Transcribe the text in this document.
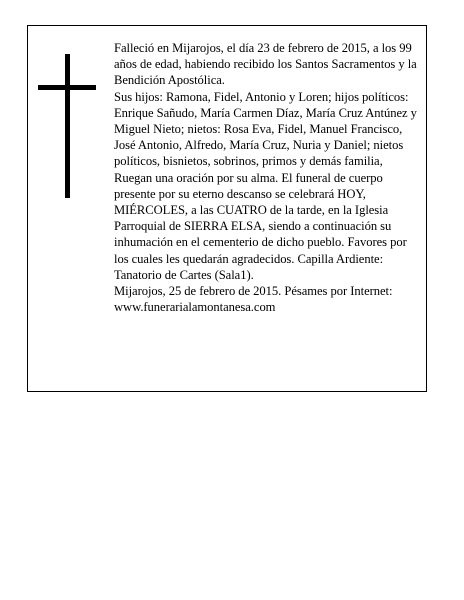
Falleció en Mijarojos, el día 23 de febrero de 2015, a los 99 años de edad, habiendo recibido los Santos Sacramentos y la Bendición Apostólica.

Sus hijos: Ramona, Fidel, Antonio y Loren; hijos políticos: Enrique Sañudo, María Carmen Díaz, María Cruz Antúnez y Miguel Nieto; nietos: Rosa Eva, Fidel, Manuel Francisco, José Antonio, Alfredo, María Cruz, Nuria y Daniel; nietos políticos, bisnietos, sobrinos, primos y demás familia,

Ruegan una oración por su alma. El funeral de cuerpo presente por su eterno descanso se celebrará HOY, MIÉRCOLES, a las CUATRO de la tarde, en la Iglesia Parroquial de SIERRA ELSA, siendo a continuación su inhumación en el cementerio de dicho pueblo. Favores por los cuales les quedarán agradecidos. Capilla Ardiente: Tanatorio de Cartes (Sala1).

Mijarojos, 25 de febrero de 2015. Pésames por Internet: www.funerarialamontanesa.com
